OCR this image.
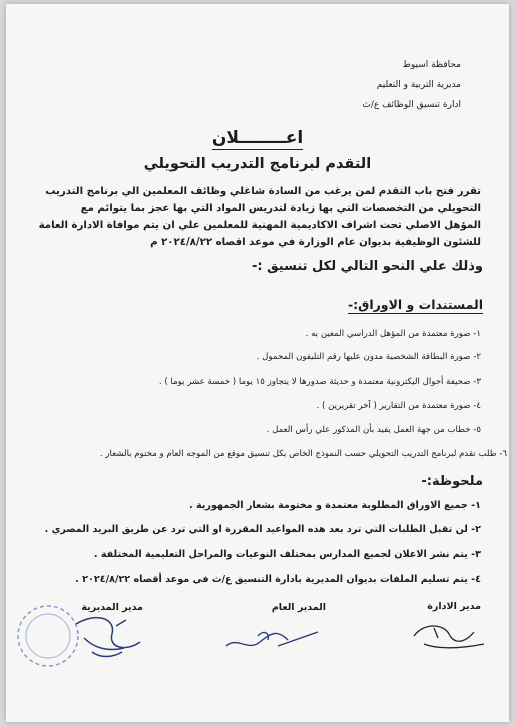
محافظة اسيوط
مديرية التربية و التعليم
ادارة تنسيق الوظائف ع/ث
اعــــــــلان
التقدم لبرنامج التدريب التحويلي
تقرر فتح باب التقدم لمن يرغب من السادة شاغلي وظائف المعلمين الي برنامج التدريب
التحويلي من التخصصات التي بها زيادة لتدريس المواد التي بها عجز بما يتوائم مع
المؤهل الاصلي تحت اشراف الاكاديمية المهنية للمعلمين علي ان يتم موافاة الادارة العامة
للشئون الوظيفية بديوان عام الوزارة في موعد اقصاه ٢٠٢٤/٨/٢٢ م
وذلك علي النحو التالي لكل تنسيق :-
المستندات و الاوراق:-
١- صورة معتمدة من المؤهل الدراسي المعين به .
٢- صورة البطاقة الشخصية مدون عليها رقم التليفون المحمول .
٣- صحيفة أحوال اليكترونية معتمدة و حديثة صدورها لا يتجاوز ١٥ يوما ( خمسة عشر يوما ) .
٤- صورة معتمدة من التقارير ( آخر تقريرين ) .
٥- خطاب من جهة العمل يفيد بأن المذكور علي رأس العمل .
٦- طلب تقدم لبرنامج التدريب التحويلي حسب النموذج الخاص بكل تنسيق موقع من الموجه العام و مختوم بالشعار .
ملحوظة:-
١- جميع الاوراق المطلوبة معتمدة و مختومة بشعار الجمهورية .
٢- لن تقبل الطلبات التي ترد بعد هذه المواعيد المقررة او التي ترد عن طريق البريد المصري .
٣- يتم نشر الاعلان لجميع المدارس بمختلف النوعيات والمراحل التعليمية المختلفة .
٤- يتم تسليم الملفات بديوان المديرية بادارة التنسيق ع/ث في موعد أقصاه ٢٠٢٤/٨/٢٢ .
مدير الادارة
المدير العام
مدير المديرية
